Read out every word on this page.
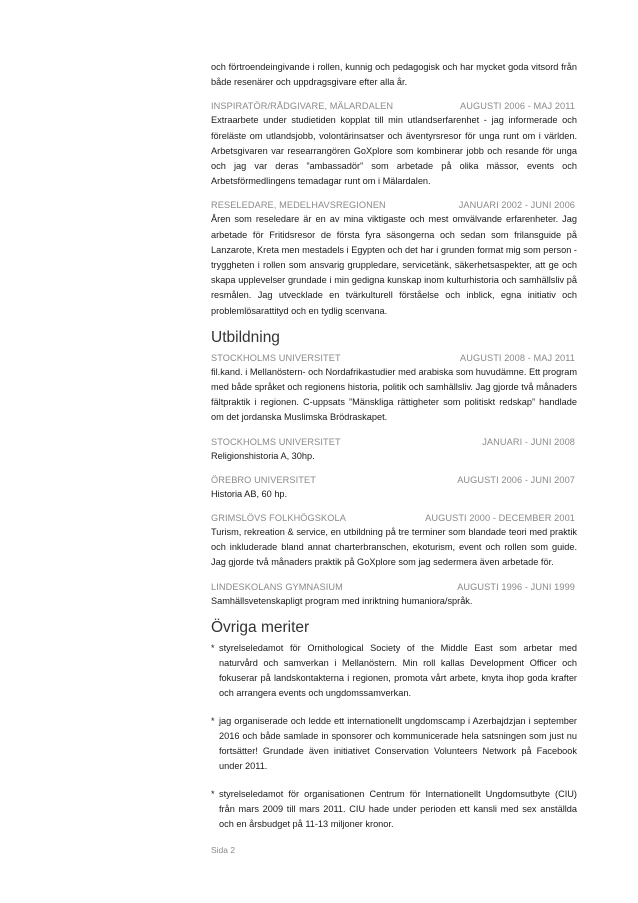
och förtroendeingivande i rollen, kunnig och pedagogisk och har mycket goda vitsord från både resenärer och uppdragsgivare efter alla år.

INSPIRATÖR/RÅDGIVARE, MÄLARDALEN	AUGUSTI 2006 - MAJ 2011

Extraarbete under studietiden kopplat till min utlandserfarenhet - jag informerade och föreläste om utlandsjobb, volontärinsatser och äventyrsresor för unga runt om i världen. Arbetsgivaren var researrangören GoXplore som kombinerar jobb och resande för unga och jag var deras ”ambassadör” som arbetade på olika mässor, events och Arbetsförmedlingens temadagar runt om i Mälardalen.

RESELEDARE, MEDELHAVSREGIONEN	JANUARI 2002 - JUNI 2006

Åren som reseledare är en av mina viktigaste och mest omvälvande erfarenheter. Jag arbetade för Fritidsresor de första fyra säsongerna och sedan som frilansguide på Lanzarote, Kreta men mestadels i Egypten och det har i grunden format mig som person - tryggheten i rollen som ansvarig gruppledare, servicetänk, säkerhetsaspekter, att ge och skapa upplevelser grundade i min gedigna kunskap inom kulturhistoria och samhällsliv på resmålen. Jag utvecklade en tvärkulturell förståelse och inblick, egna initiativ och problemlösarattityd och en tydlig scenvana.

Utbildning
STOCKHOLMS UNIVERSITET	AUGUSTI 2008 - MAJ 2011

fil.kand. i Mellanöstern- och Nordafrikastudier med arabiska som huvudämne. Ett program med både språket och regionens historia, politik och samhällsliv. Jag gjorde två månaders fältpraktik i regionen. C-uppsats ”Mänskliga rättigheter som politiskt redskap” handlade om det jordanska Muslimska Brödraskapet.

STOCKHOLMS UNIVERSITET	JANUARI - JUNI 2008

Religionshistoria A, 30hp.

ÖREBRO UNIVERSITET	AUGUSTI 2006 - JUNI 2007

Historia AB, 60 hp.

GRIMSLÖVS FOLKHÖGSKOLA	AUGUSTI 2000 - DECEMBER 2001

Turism, rekreation & service, en utbildning på tre terminer som blandade teori med praktik och inkluderade bland annat charterbranschen, ekoturism, event och rollen som guide. Jag gjorde två månaders praktik på GoXplore som jag sedermera även arbetade för.

LINDESKOLANS GYMNASIUM	AUGUSTI 1996 - JUNI 1999

Samhällsvetenskapligt program med inriktning humaniora/språk.

Övriga meriter
* styrelseledamot för Ornithological Society of the Middle East som arbetar med naturvård och samverkan i Mellanöstern. Min roll kallas Development Officer och fokuserar på landskontakterna i regionen, promota vårt arbete, knyta ihop goda krafter och arrangera events och ungdomssamverkan.

* jag organiserade och ledde ett internationellt ungdomscamp i Azerbajdzjan i september 2016 och både samlade in sponsorer och kommunicerade hela satsningen som just nu fortsätter! Grundade även initiativet Conservation Volunteers Network på Facebook under 2011.

* styrelseledamot för organisationen Centrum för Internationellt Ungdomsutbyte (CIU) från mars 2009 till mars 2011. CIU hade under perioden ett kansli med sex anställda och en årsbudget på 11-13 miljoner kronor.

Sida 2
